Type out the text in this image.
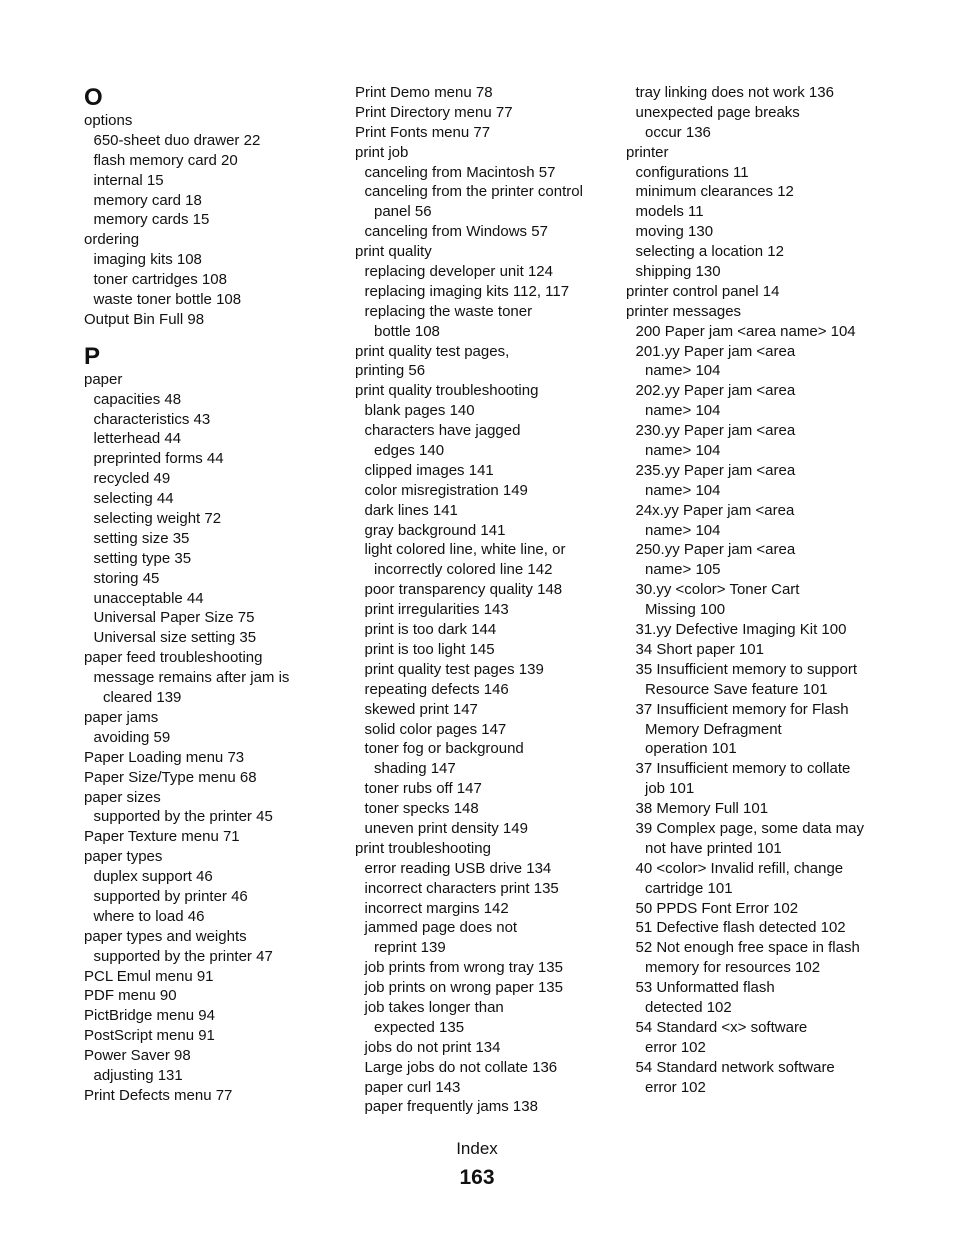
O
options
650-sheet duo drawer 22
flash memory card 20
internal 15
memory card 18
memory cards 15
ordering
imaging kits 108
toner cartridges 108
waste toner bottle 108
Output Bin Full 98
P
paper
capacities 48
characteristics 43
letterhead 44
preprinted forms 44
recycled 49
selecting 44
selecting weight 72
setting size 35
setting type 35
storing 45
unacceptable 44
Universal Paper Size 75
Universal size setting 35
paper feed troubleshooting
message remains after jam is
cleared 139
paper jams
avoiding 59
Paper Loading menu 73
Paper Size/Type menu 68
paper sizes
supported by the printer 45
Paper Texture menu 71
paper types
duplex support 46
supported by printer 46
where to load 46
paper types and weights
supported by the printer 47
PCL Emul menu 91
PDF menu 90
PictBridge menu 94
PostScript menu 91
Power Saver 98
adjusting 131
Print Defects menu 77
Print Demo menu 78
Print Directory menu 77
Print Fonts menu 77
print job
canceling from Macintosh 57
canceling from the printer control
panel 56
canceling from Windows 57
print quality
replacing developer unit 124
replacing imaging kits 112, 117
replacing the waste toner
bottle 108
print quality test pages,
printing 56
print quality troubleshooting
blank pages 140
characters have jagged
edges 140
clipped images 141
color misregistration 149
dark lines 141
gray background 141
light colored line, white line, or
incorrectly colored line 142
poor transparency quality 148
print irregularities 143
print is too dark 144
print is too light 145
print quality test pages 139
repeating defects 146
skewed print 147
solid color pages 147
toner fog or background
shading 147
toner rubs off 147
toner specks 148
uneven print density 149
print troubleshooting
error reading USB drive 134
incorrect characters print 135
incorrect margins 142
jammed page does not
reprint 139
job prints from wrong tray 135
job prints on wrong paper 135
job takes longer than
expected 135
jobs do not print 134
Large jobs do not collate 136
paper curl 143
paper frequently jams 138
tray linking does not work 136
unexpected page breaks
occur 136
printer
configurations 11
minimum clearances 12
models 11
moving 130
selecting a location 12
shipping 130
printer control panel 14
printer messages
200 Paper jam <area name> 104
201.yy Paper jam <area
name> 104
202.yy Paper jam <area
name> 104
230.yy Paper jam <area
name> 104
235.yy Paper jam <area
name> 104
24x.yy Paper jam <area
name> 104
250.yy Paper jam <area
name> 105
30.yy <color> Toner Cart
Missing 100
31.yy Defective Imaging Kit 100
34 Short paper 101
35 Insufficient memory to support
Resource Save feature 101
37 Insufficient memory for Flash
Memory Defragment
operation 101
37 Insufficient memory to collate
job 101
38 Memory Full 101
39 Complex page, some data may
not have printed 101
40 <color> Invalid refill, change
cartridge 101
50 PPDS Font Error 102
51 Defective flash detected 102
52 Not enough free space in flash
memory for resources 102
53 Unformatted flash
detected 102
54 Standard <x> software
error 102
54 Standard network software
error 102
Index
163
